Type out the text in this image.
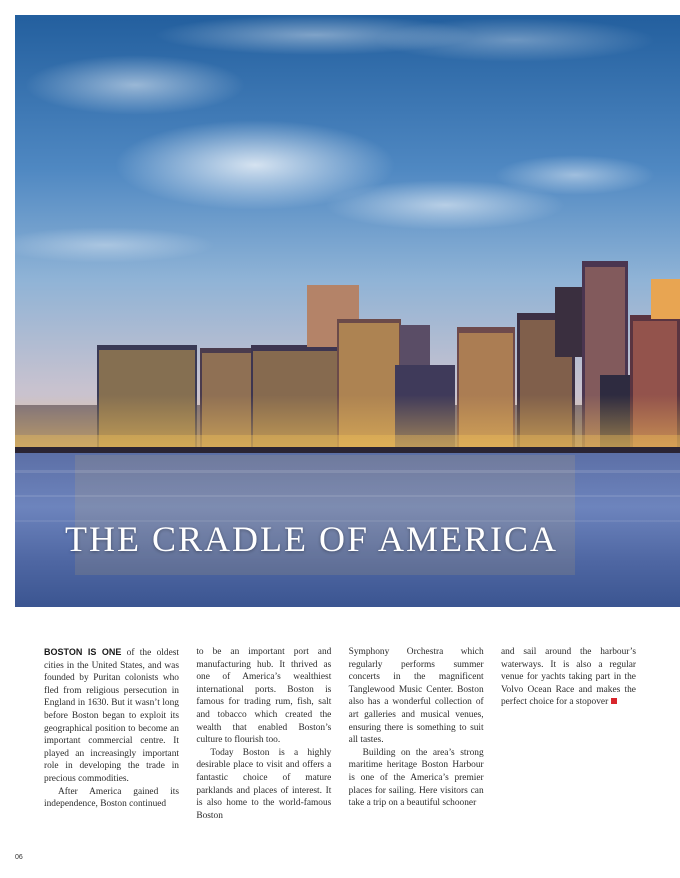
THE CRADLE OF AMERICA

BOSTON IS ONE of the oldest cities in the United States, and was founded by Puritan colonists who fled from religious persecution in England in 1630. But it wasn’t long before Boston began to exploit its geographical position to become an important commercial centre. It played an increasingly important role in developing the trade in precious commodities.

After America gained its independence, Boston continued

to be an important port and manufacturing hub. It thrived as one of America’s wealthiest international ports. Boston is famous for trading rum, fish, salt and tobacco which created the wealth that enabled Boston’s culture to flourish too.

Today Boston is a highly desirable place to visit and offers a fantastic choice of mature parklands and places of interest. It is also home to the world-famous Boston

Symphony Orchestra which regularly performs summer concerts in the magnificent Tanglewood Music Center. Boston also has a wonderful collection of art galleries and musical venues, ensuring there is something to suit all tastes.

Building on the area’s strong maritime heritage Boston Harbour is one of the America’s premier places for sailing. Here visitors can take a trip on a beautiful schooner

and sail around the harbour’s waterways. It is also a regular venue for yachts taking part in the Volvo Ocean Race and makes the perfect choice for a stopover

06
